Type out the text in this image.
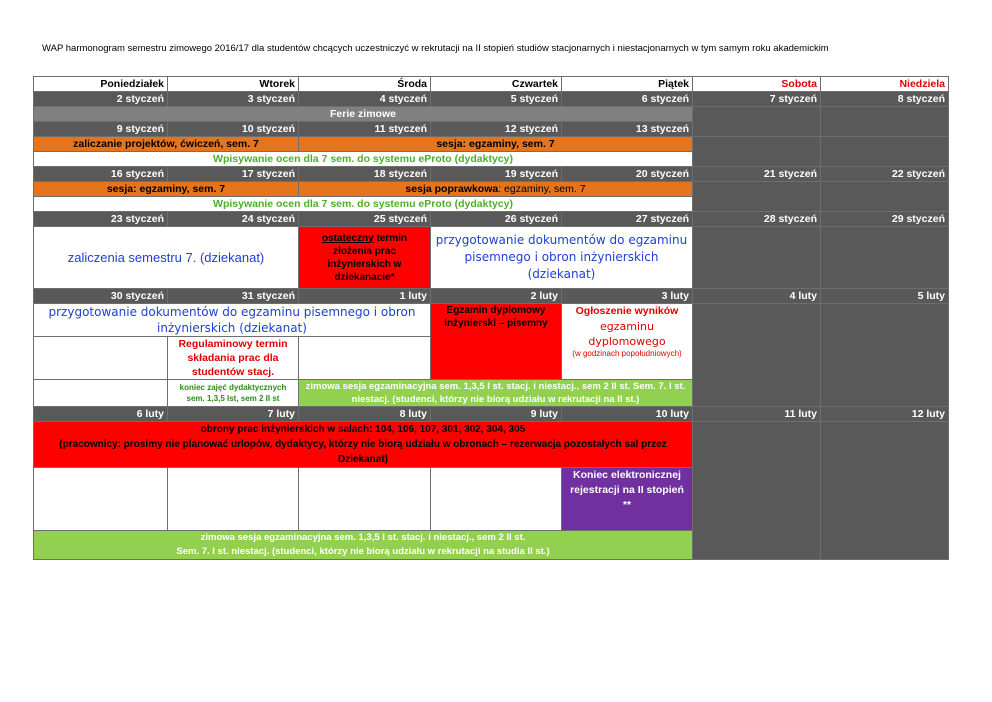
WAP harmonogram semestru zimowego 2016/17 dla studentów chcących uczestniczyć w rekrutacji na II stopień studiów stacjonarnych i niestacjonarnych w tym samym roku akademickim
Poniedziałek	Wtorek	Środa	Czwartek	Piątek	Sobota	Niedziela
2 styczeń	3 styczeń	4 styczeń	5 styczeń	6 styczeń	7 styczeń	8 styczeń
Ferie zimowe						
9 styczeń	10 styczeń	11 styczeń	12 styczeń	13 styczeń		
zaliczanie projektów, ćwiczeń, sem. 7		sesja: egzaminy, sem. 7				
Wpisywanie ocen dla 7 sem. do systemu eProto (dydaktycy)						
16 styczeń	17 styczeń	18 styczeń	19 styczeń	20 styczeń	21 styczeń	22 styczeń
sesja: egzaminy, sem. 7		sesja poprawkowa: egzaminy, sem. 7				
Wpisywanie ocen dla 7 sem. do systemu eProto (dydaktycy)						
23 styczeń	24 styczeń	25 styczeń	26 styczeń	27 styczeń	28 styczeń	29 styczeń
zaliczenia semestru 7. (dziekanat)		ostateczny termin złożenia prac inżynierskich w dziekanacie*	przygotowanie dokumentów do egzaminu pisemnego i obron inżynierskich (dziekanat)			
30 styczeń	31 styczeń	1 luty	2 luty	3 luty	4 luty	5 luty
przygotowanie dokumentów do egzaminu pisemnego i obron inżynierskich (dziekanat)			Egzamin dyplomowy inżynierski – pisemny	Ogłoszenie wyników
egzaminu dyplomowego
(w godzinach popołudniowych)		

	Regulaminowy termin składania prac dla studentów stacj.					
	koniec zajęć dydaktycznych sem. 1,3,5 Ist, sem 2 II st	zimowa sesja egzaminacyjna sem. 1,3,5 I st. stacj. i niestacj., sem 2 II st. Sem. 7. I st. niestacj. (studenci, którzy nie biorą udziału w rekrutacji na II st.)				
6 luty	7 luty	8 luty	9 luty	10 luty	11 luty	12 luty

obrony prac inżynierskich w salach: 104, 106, 107, 301, 302, 304, 305
(pracownicy: prosimy nie planować urlopów, dydaktycy, którzy nie biorą udziału w obronach – rezerwacja pozostałych sal przez Dziekanat)						

				Koniec elektronicznej rejestracji na II stopień **		

zimowa sesja egzaminacyjna sem. 1,3,5 I st. stacj. i niestacj., sem 2 II st.
Sem. 7. I st. niestacj. (studenci, którzy nie biorą udziału w rekrutacji na studia II st.)						
